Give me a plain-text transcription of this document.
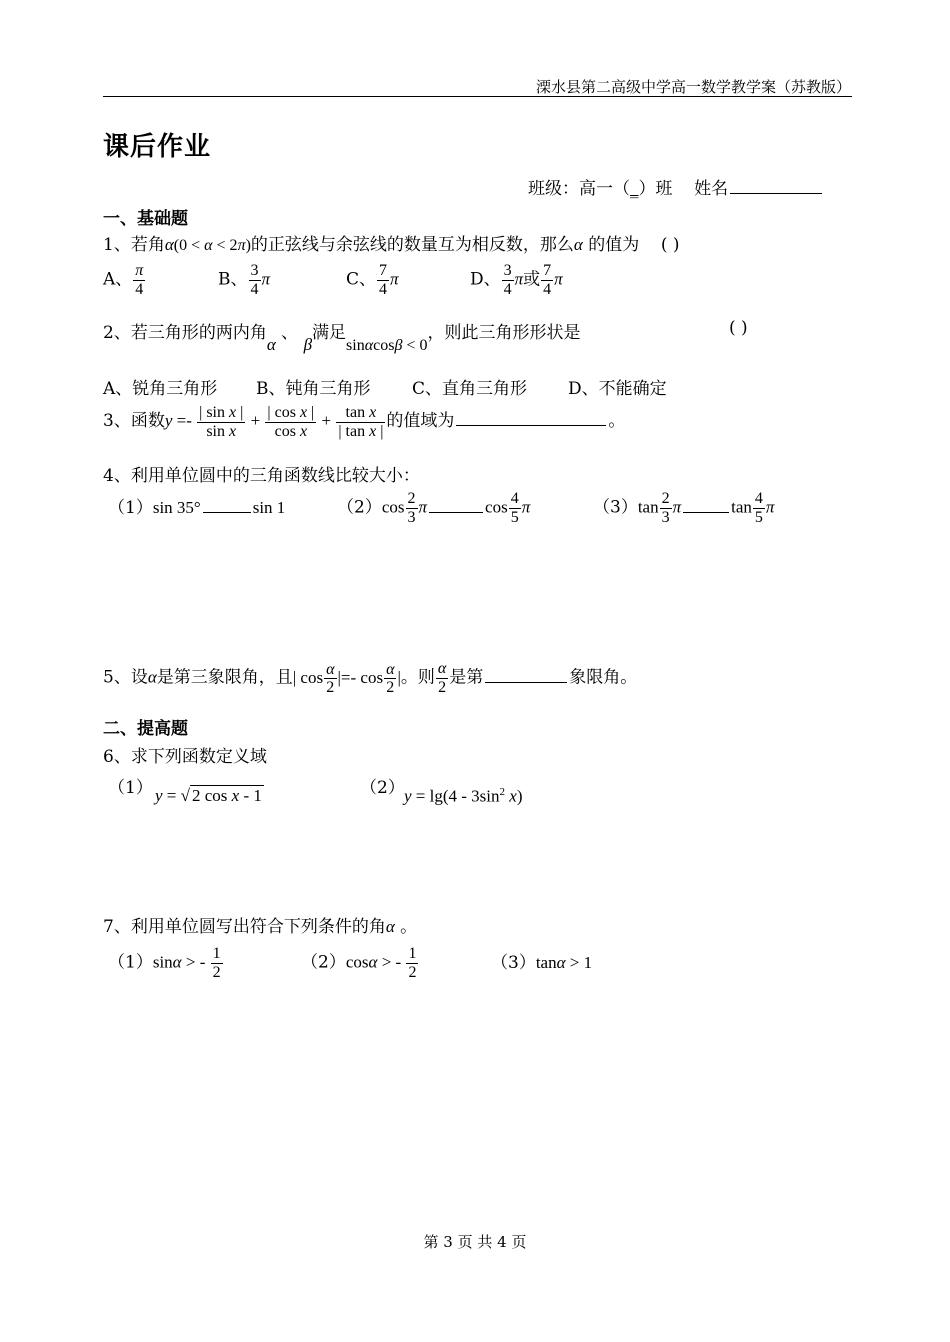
溧水县第二高级中学高一数学教学案（苏教版）
课后作业
班级：高一（_）班 姓名
一、基础题
1、若角α(0 < α < 2π)的正弦线与余弦线的数量互为相反数，那么α 的值为 ( )
A、 $\frac{\pi}{4}$	B、 $\frac{3}{4}$ π	C、 $\frac{7}{4}$ π	D、 $\frac{3}{4}$ π或 $\frac{7}{4}$ π
2、若三角形的两内角α 、 β满足sinαcosβ < 0，则此三角形形状是	( )
A、锐角三角形 B、钝角三角形 C、直角三角形 D、不能确定
3、函数$y =- \frac{\text{| sin x |}}{\text{sin x}} + \frac{\text{| cos x |}}{\text{cos x}} + \frac{\text{tan x}}{\text{| tan x |}}$ 的值域为	。
4、利用单位圆中的三角函数线比较大小：
（1）sin 35°	sin 1	$(2)\cos \frac{2}{3}$ π	$\cos \frac{4}{5}$ π	$(3)\tan \frac{2}{3}$ π	$\tan \frac{4}{5}$ π
5、设α是第三象限角，且| $\cos \frac{\alpha}{2}$ |=- $\cos \frac{\alpha}{2}$ |。则 $\frac{\alpha}{2}$ 是第	象限角。
二、提高题
6、求下列函数定义域
（1） y = √ 2 cos x - 1	（2） $y = \lg(4 - 3\sin^2$ x)
7、利用单位圆写出符合下列条件的角α 。
（1）sinα > - $\frac{1}{2}$	（2）cosα > - $\frac{1}{2}$	（3）tanα > 1
第 3 页 共 4 页
